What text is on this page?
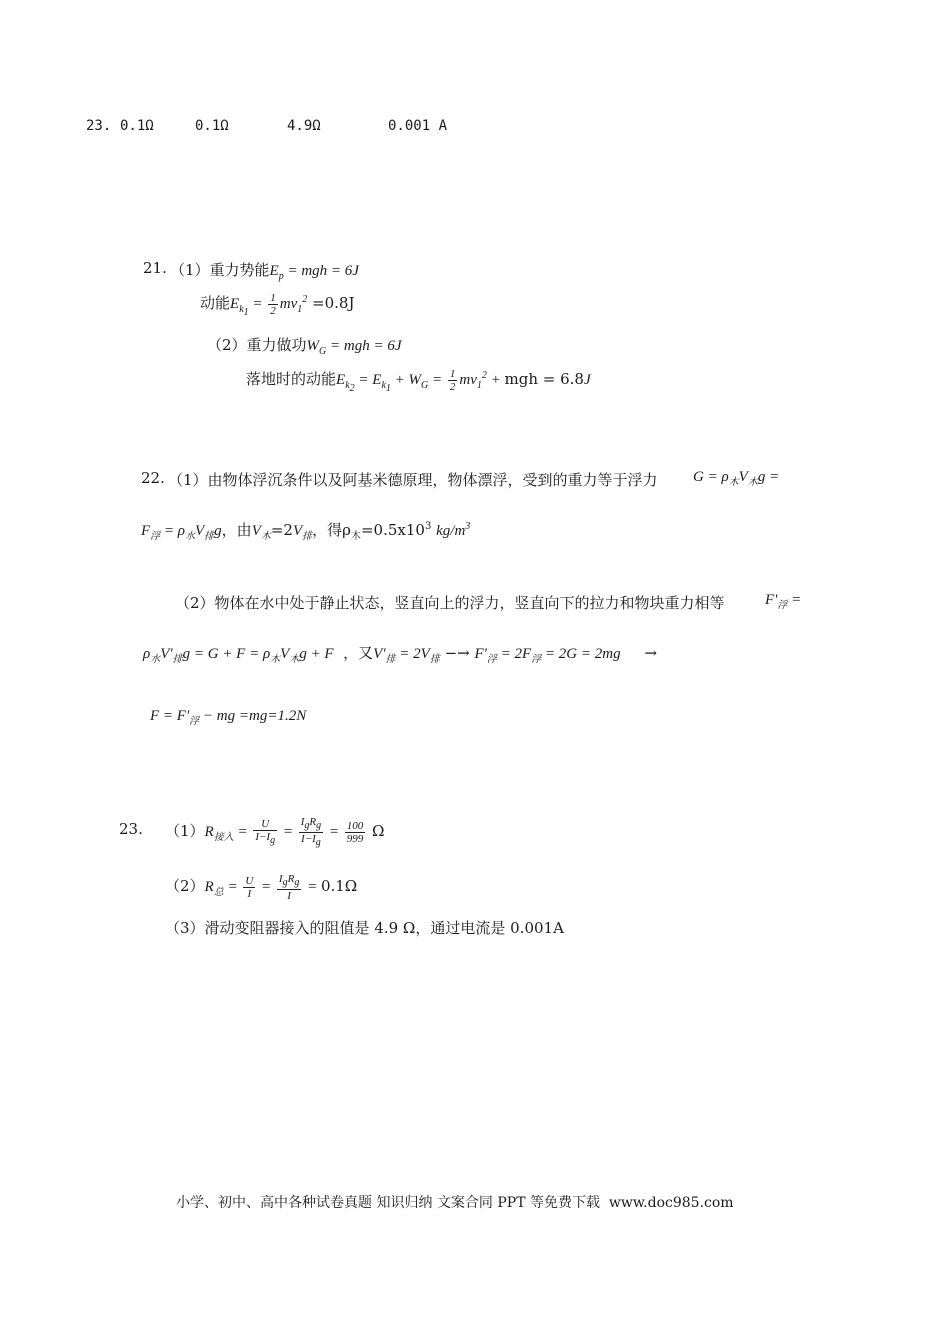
23. 0.1Ω	0.1Ω	4.9Ω	0.001 A
21. （1）重力势能$E_p$ = mgh = 6J
动能$E_{k_1} = \frac{1}{2} mv_1^2 =0.8J$
（2）重力做功$W_G$ = mgh = 6J
落地时的动能$E_{k_2} = E_{k_1} + W_G = \frac{1}{2} mv_1^2$ + mgh = 6.8J
22. （1）由物体浮沉条件以及阿基米德原理，物体漂浮，受到的重力等于浮力 $G = \rho_木V_木g$ =
$F_浮 = \rho_水V_排g$，由$V_木=2V_排$，得$\rho_木=0.5x10^3$ $kg/m^3$
（2）物体在水中处于静止状态，竖直向上的浮力，竖直向下的拉力和物块重力相等	$F'_浮$ =
$\rho_水V'_排g = G + F = \rho_木V_木g + F$  ，又$V'_排 = 2V_排 -\to F'_浮 = 2F_浮 = 2G = 2mg$     →
$F = F'_浮$ − mg =mg=1.2N
23. $(1)R_{接入} = \frac{U}{I-I_g} = \frac{I_gR_g}{I-I_g} = \frac{100}{999}$ Ω
$(2)R_总 = \frac{U}{I} = \frac{I_gR_g}{I} = 0.1\Omega$
（3）滑动变阻器接入的阻值是 4.9 Ω，通过电流是 0.001A
小学、初中、高中各种试卷真题 知识归纳 文案合同 PPT 等免费下载 www.doc985.com
